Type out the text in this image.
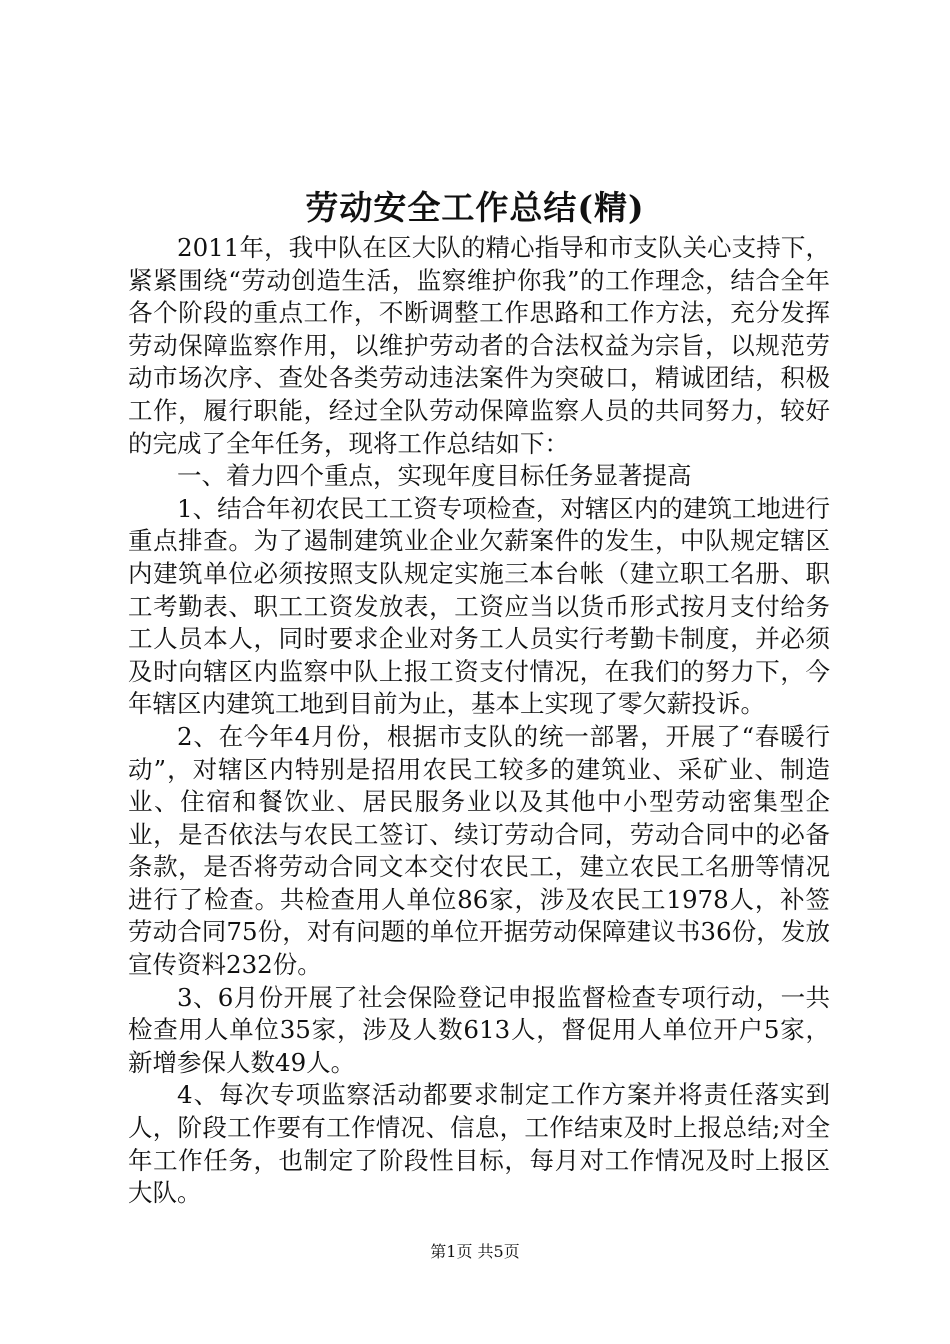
劳动安全工作总结(精)

2011年，我中队在区大队的精心指导和市支队关心支持下，紧紧围绕“劳动创造生活，监察维护你我”的工作理念，结合全年各个阶段的重点工作，不断调整工作思路和工作方法，充分发挥劳动保障监察作用，以维护劳动者的合法权益为宗旨，以规范劳动市场次序、查处各类劳动违法案件为突破口，精诚团结，积极工作，履行职能，经过全队劳动保障监察人员的共同努力，较好的完成了全年任务，现将工作总结如下：

一、着力四个重点，实现年度目标任务显著提高

1、结合年初农民工工资专项检查，对辖区内的建筑工地进行重点排查。为了遏制建筑业企业欠薪案件的发生，中队规定辖区内建筑单位必须按照支队规定实施三本台帐（建立职工名册、职工考勤表、职工工资发放表，工资应当以货币形式按月支付给务工人员本人，同时要求企业对务工人员实行考勤卡制度，并必须及时向辖区内监察中队上报工资支付情况，在我们的努力下，今年辖区内建筑工地到目前为止，基本上实现了零欠薪投诉。

2、在今年4月份，根据市支队的统一部署，开展了“春暖行动”，对辖区内特别是招用农民工较多的建筑业、采矿业、制造业、住宿和餐饮业、居民服务业以及其他中小型劳动密集型企业，是否依法与农民工签订、续订劳动合同，劳动合同中的必备条款，是否将劳动合同文本交付农民工，建立农民工名册等情况进行了检查。共检查用人单位86家，涉及农民工1978人，补签劳动合同75份，对有问题的单位开据劳动保障建议书36份，发放宣传资料232份。

3、6月份开展了社会保险登记申报监督检查专项行动，一共检查用人单位35家，涉及人数613人，督促用人单位开户5家，新增参保人数49人。

4、每次专项监察活动都要求制定工作方案并将责任落实到人，阶段工作要有工作情况、信息，工作结束及时上报总结;对全年工作任务，也制定了阶段性目标，每月对工作情况及时上报区大队。

第1页 共5页
